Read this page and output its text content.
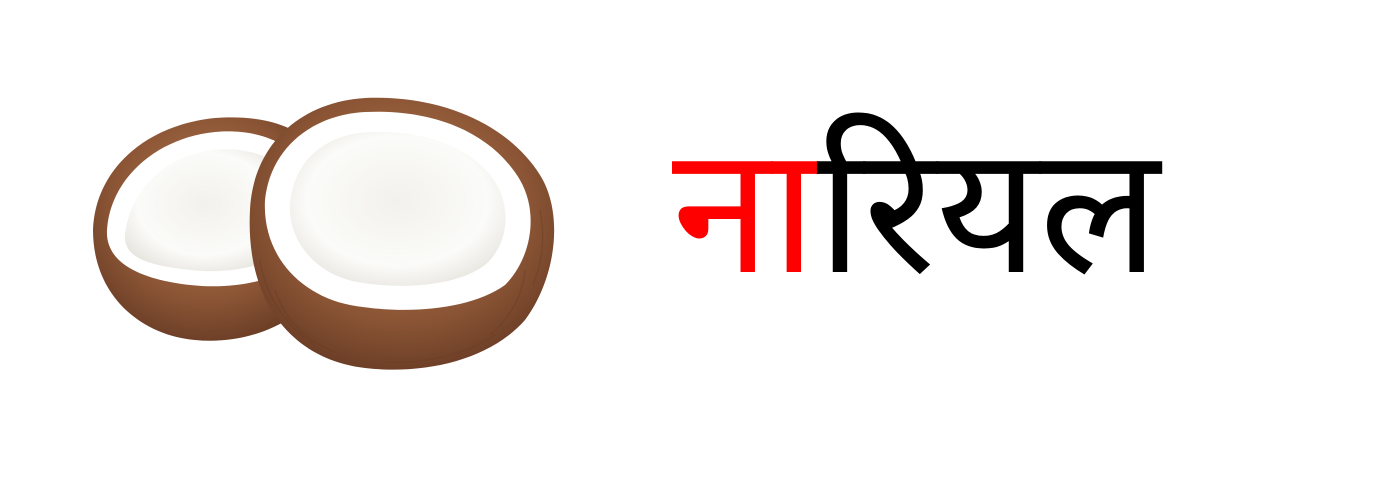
नारियल
